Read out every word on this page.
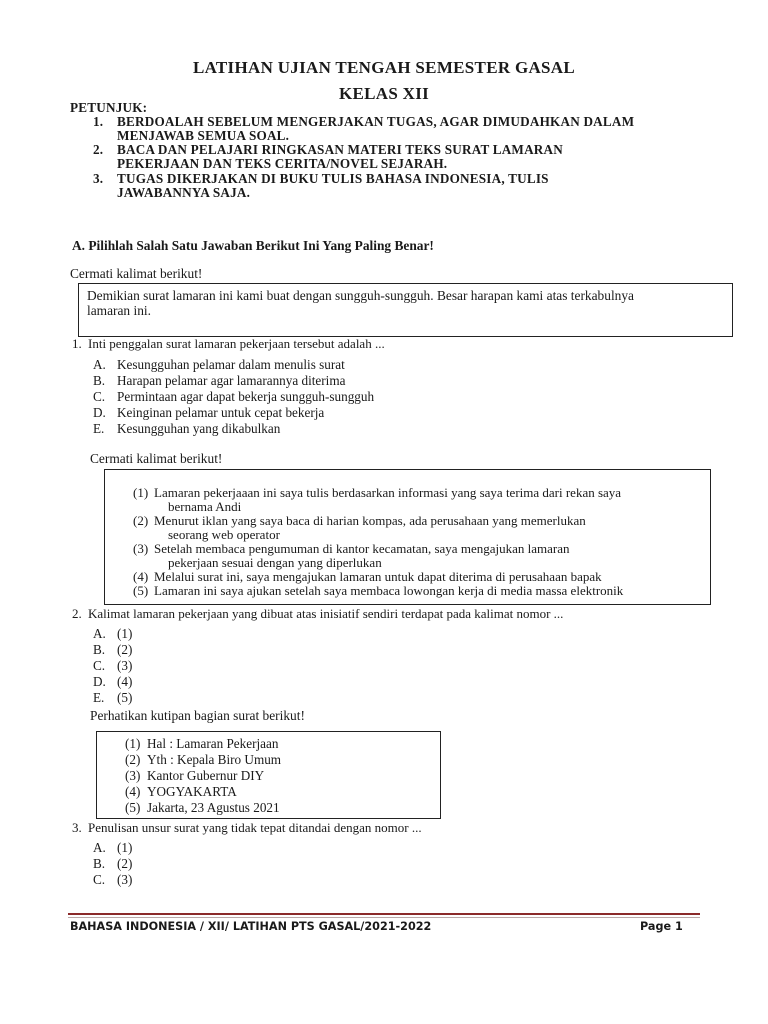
LATIHAN UJIAN TENGAH SEMESTER GASAL
KELAS XII
PETUNJUK:
1. BERDOALAH SEBELUM MENGERJAKAN TUGAS, AGAR DIMUDAHKAN DALAM
MENJAWAB SEMUA SOAL.
2. BACA DAN PELAJARI RINGKASAN MATERI TEKS SURAT LAMARAN
PEKERJAAN DAN TEKS CERITA/NOVEL SEJARAH.
3. TUGAS DIKERJAKAN DI BUKU TULIS BAHASA INDONESIA, TULIS
JAWABANNYA SAJA.
A. Pilihlah Salah Satu Jawaban Berikut Ini Yang Paling Benar!
Cermati kalimat berikut!
Demikian surat lamaran ini kami buat dengan sungguh-sungguh. Besar harapan kami atas terkabulnya
lamaran ini.
1. Inti penggalan surat lamaran pekerjaan tersebut adalah ...
A. Kesungguhan pelamar dalam menulis surat
B. Harapan pelamar agar lamarannya diterima
C. Permintaan agar dapat bekerja sungguh-sungguh
D. Keinginan pelamar untuk cepat bekerja
E. Kesungguhan yang dikabulkan
Cermati kalimat berikut!
(1) Lamaran pekerjaaan ini saya tulis berdasarkan informasi yang saya terima dari rekan saya
bernama Andi
(2) Menurut iklan yang saya baca di harian kompas, ada perusahaan yang memerlukan
seorang web operator
(3) Setelah membaca pengumuman di kantor kecamatan, saya mengajukan lamaran
pekerjaan sesuai dengan yang diperlukan
(4) Melalui surat ini, saya mengajukan lamaran untuk dapat diterima di perusahaan bapak
(5) Lamaran ini saya ajukan setelah saya membaca lowongan kerja di media massa elektronik
2. Kalimat lamaran pekerjaan yang dibuat atas inisiatif sendiri terdapat pada kalimat nomor ...
A. (1)
B. (2)
C. (3)
D. (4)
E. (5)
Perhatikan kutipan bagian surat berikut!
(1) Hal : Lamaran Pekerjaan
(2) Yth : Kepala Biro Umum
(3) Kantor Gubernur DIY
(4) YOGYAKARTA
(5) Jakarta, 23 Agustus 2021
3. Penulisan unsur surat yang tidak tepat ditandai dengan nomor ...
A. (1)
B. (2)
C. (3)
BAHASA INDONESIA / XII/ LATIHAN PTS GASAL/2021-2022	Page 1
